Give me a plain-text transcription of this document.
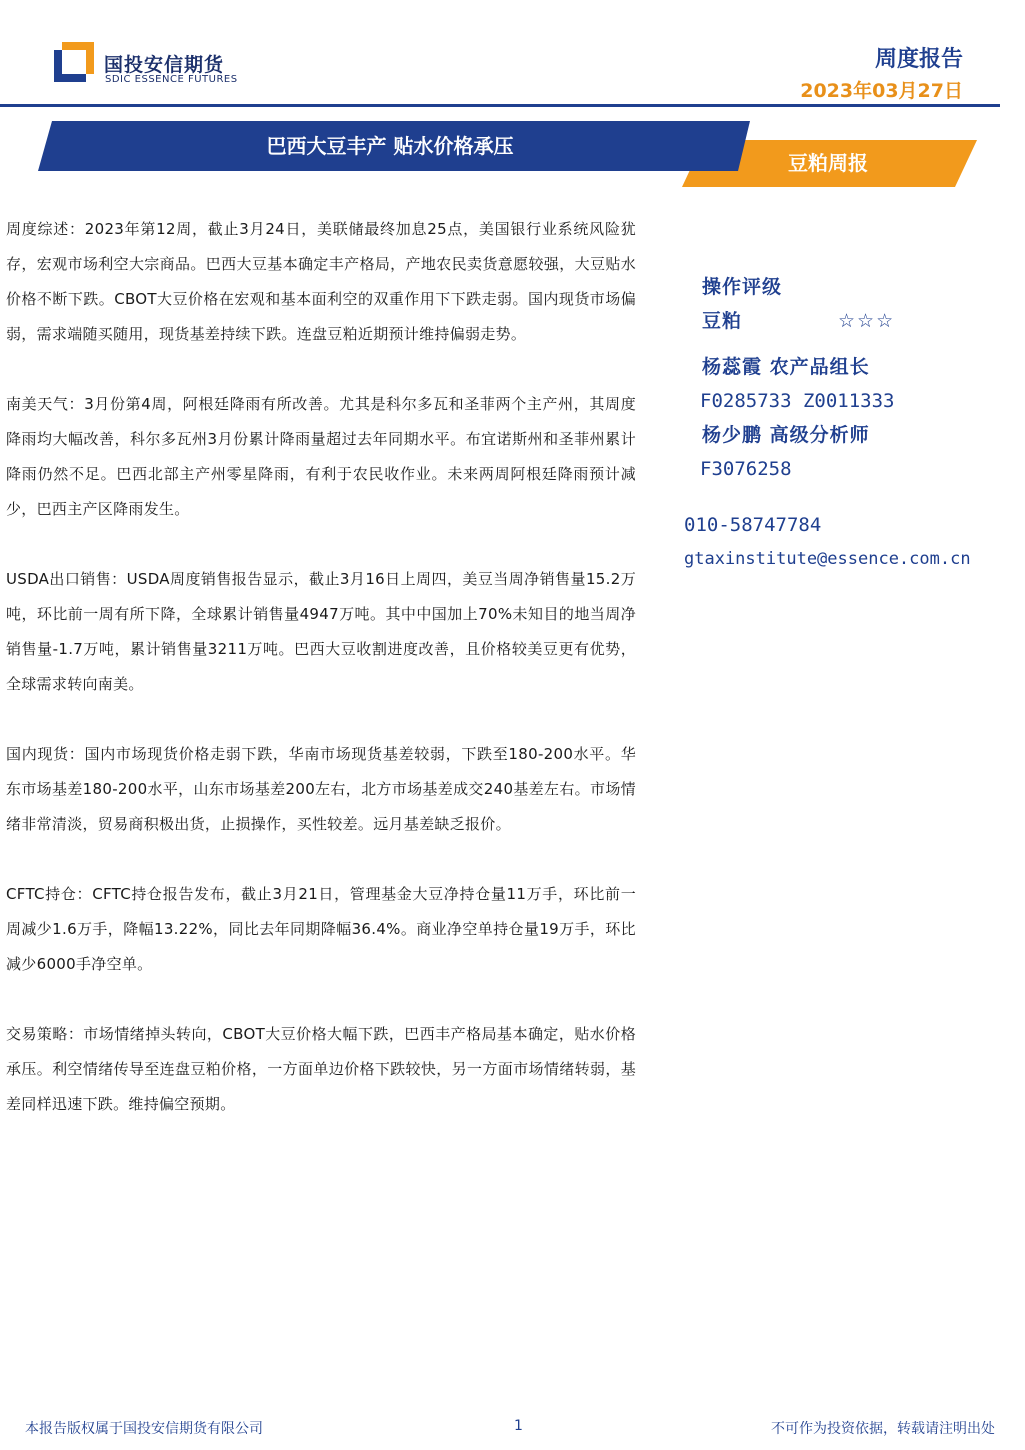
国投安信期货
SDIC ESSENCE FUTURES
周度报告
2023年03月27日
巴西大豆丰产 贴水价格承压
豆粕周报

周度综述：2023年第12周，截止3月24日，美联储最终加息25点，美国银行业系统风险犹存，宏观市场利空大宗商品。巴西大豆基本确定丰产格局，产地农民卖货意愿较强，大豆贴水价格不断下跌。CBOT大豆价格在宏观和基本面利空的双重作用下下跌走弱。国内现货市场偏弱，需求端随买随用，现货基差持续下跌。连盘豆粕近期预计维持偏弱走势。

南美天气：3月份第4周，阿根廷降雨有所改善。尤其是科尔多瓦和圣菲两个主产州，其周度降雨均大幅改善，科尔多瓦州3月份累计降雨量超过去年同期水平。布宜诺斯州和圣菲州累计降雨仍然不足。巴西北部主产州零星降雨，有利于农民收作业。未来两周阿根廷降雨预计减少，巴西主产区降雨发生。

USDA出口销售：USDA周度销售报告显示，截止3月16日上周四，美豆当周净销售量15.2万吨，环比前一周有所下降，全球累计销售量4947万吨。其中中国加上70%未知目的地当周净销售量-1.7万吨，累计销售量3211万吨。巴西大豆收割进度改善，且价格较美豆更有优势，全球需求转向南美。

国内现货：国内市场现货价格走弱下跌，华南市场现货基差较弱，下跌至180-200水平。华东市场基差180-200水平，山东市场基差200左右，北方市场基差成交240基差左右。市场情绪非常清淡，贸易商积极出货，止损操作，买性较差。远月基差缺乏报价。

CFTC持仓：CFTC持仓报告发布，截止3月21日，管理基金大豆净持仓量11万手，环比前一周减少1.6万手，降幅13.22%，同比去年同期降幅36.4%。商业净空单持仓量19万手，环比减少6000手净空单。

交易策略：市场情绪掉头转向，CBOT大豆价格大幅下跌，巴西丰产格局基本确定，贴水价格承压。利空情绪传导至连盘豆粕价格，一方面单边价格下跌较快，另一方面市场情绪转弱，基差同样迅速下跌。维持偏空预期。

操作评级
豆粕	☆☆☆
杨蕊霞 农产品组长
F0285733 Z0011333
杨少鹏 高级分析师
F3076258
010-58747784
gtaxinstitute@essence.com.cn
本报告版权属于国投安信期货有限公司	1	不可作为投资依据，转载请注明出处
